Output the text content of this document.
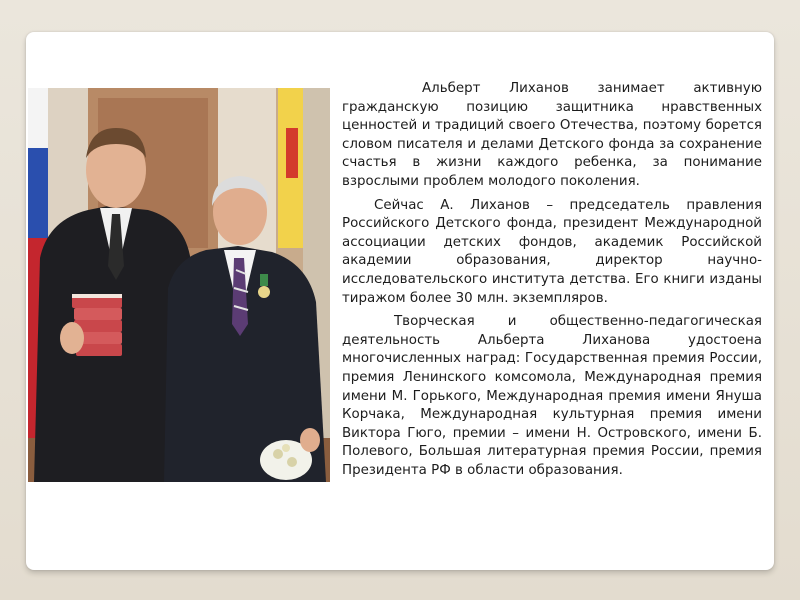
Альберт Лиханов занимает активную гражданскую позицию защитника нравственных ценностей и традиций своего Отечества, поэтому борется словом писателя и делами Детского фонда за сохранение счастья в жизни каждого ребенка, за понимание взрослыми проблем молодого поколения.

Сейчас А. Лиханов – председатель правления Российского Детского фонда, президент Международной ассоциации детских фондов, академик Российской академии образования, директор научно-исследовательского института детства. Его книги изданы тиражом более 30 млн. экземпляров.

Творческая и общественно-педагогическая деятельность Альберта Лиханова удостоена многочисленных наград: Государственная премия России, премия Ленинского комсомола, Международная премия имени М. Горького, Международная премия имени Януша Корчака, Международная культурная премия имени Виктора Гюго, премии – имени Н. Островского, имени Б. Полевого, Большая литературная премия России, премия Президента РФ в области образования.
